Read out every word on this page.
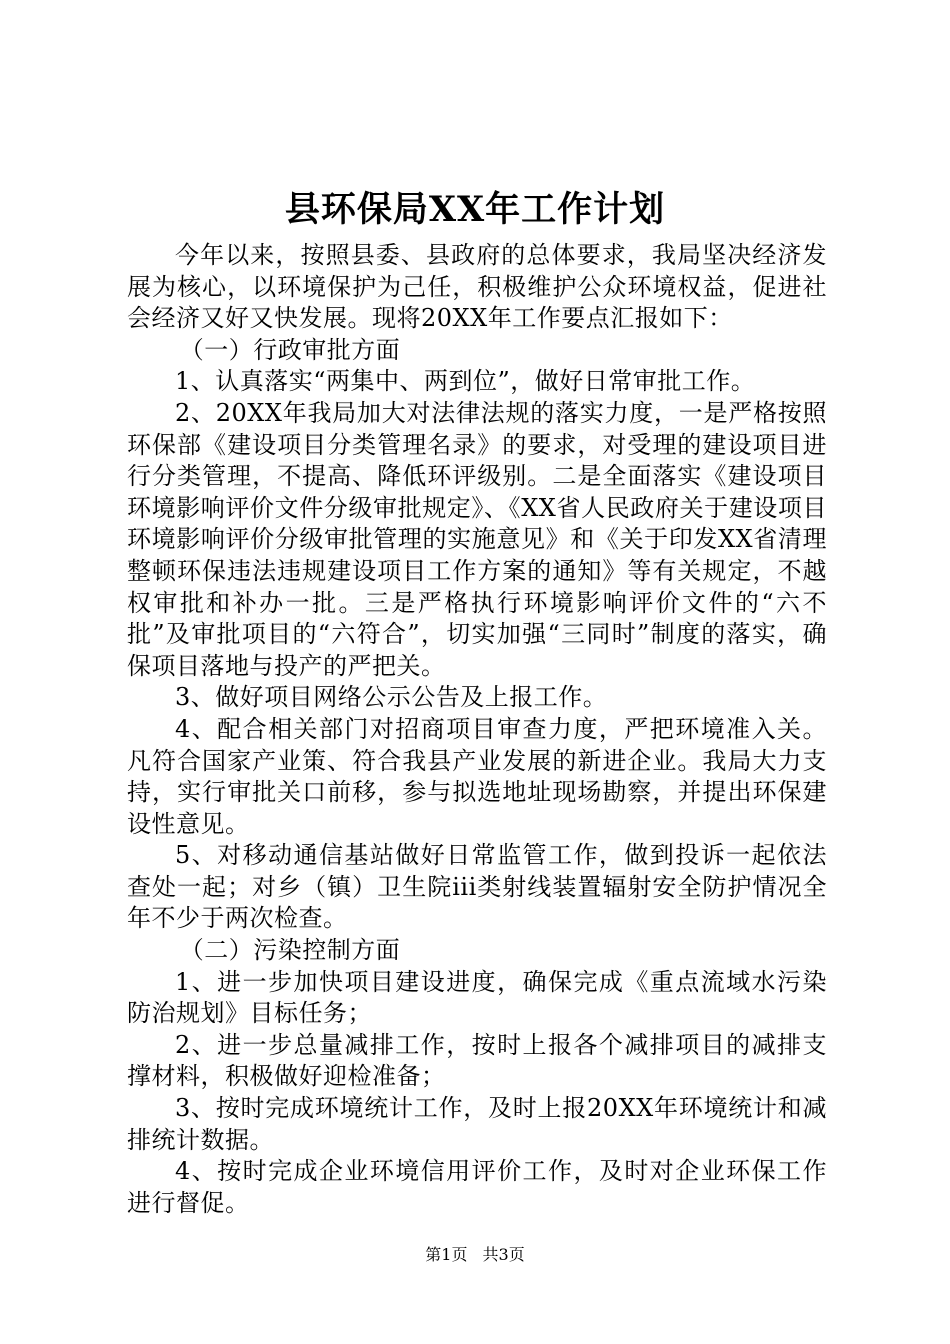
县环保局XX年工作计划

今年以来，按照县委、县政府的总体要求，我局坚决经济发展为核心，以环境保护为己任，积极维护公众环境权益，促进社会经济又好又快发展。现将20XX年工作要点汇报如下：

（一）行政审批方面

1、认真落实“两集中、两到位”，做好日常审批工作。

2、20XX年我局加大对法律法规的落实力度，一是严格按照环保部《建设项目分类管理名录》的要求，对受理的建设项目进行分类管理，不提高、降低环评级别。二是全面落实《建设项目环境影响评价文件分级审批规定》、《XX省人民政府关于建设项目环境影响评价分级审批管理的实施意见》和《关于印发XX省清理整顿环保违法违规建设项目工作方案的通知》等有关规定，不越权审批和补办一批。三是严格执行环境影响评价文件的“六不批”及审批项目的“六符合”，切实加强“三同时”制度的落实，确保项目落地与投产的严把关。

3、做好项目网络公示公告及上报工作。

4、配合相关部门对招商项目审查力度，严把环境准入关。凡符合国家产业策、符合我县产业发展的新进企业。我局大力支持，实行审批关口前移，参与拟选地址现场勘察，并提出环保建设性意见。

5、对移动通信基站做好日常监管工作，做到投诉一起依法查处一起；对乡（镇）卫生院iii类射线装置辐射安全防护情况全年不少于两次检查。

（二）污染控制方面

1、进一步加快项目建设进度，确保完成《重点流域水污染防治规划》目标任务；

2、进一步总量减排工作，按时上报各个减排项目的减排支撑材料，积极做好迎检准备；

3、按时完成环境统计工作，及时上报20XX年环境统计和减排统计数据。

4、按时完成企业环境信用评价工作，及时对企业环保工作进行督促。

第1页 共3页
